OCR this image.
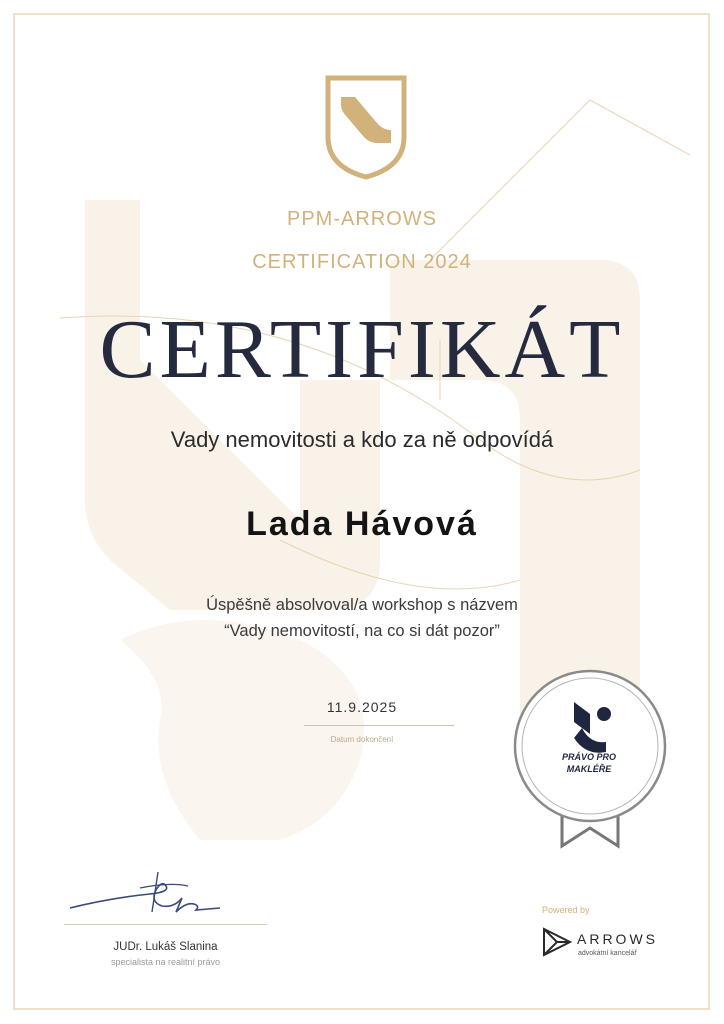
PPM-ARROWS
CERTIFICATION 2024
CERTIFIKÁT
Vady nemovitosti a kdo za ně odpovídá
Lada Hávová
Úspěšně absolvoval/a workshop s názvem
“Vady nemovitostí, na co si dát pozor”
11.9.2025
Datum dokončení
PRÁVO PRO
MAKLÉŘE
JUDr. Lukáš Slanina
specialista na realitní právo
Powered by
ARROWS
advokátní kancelář
